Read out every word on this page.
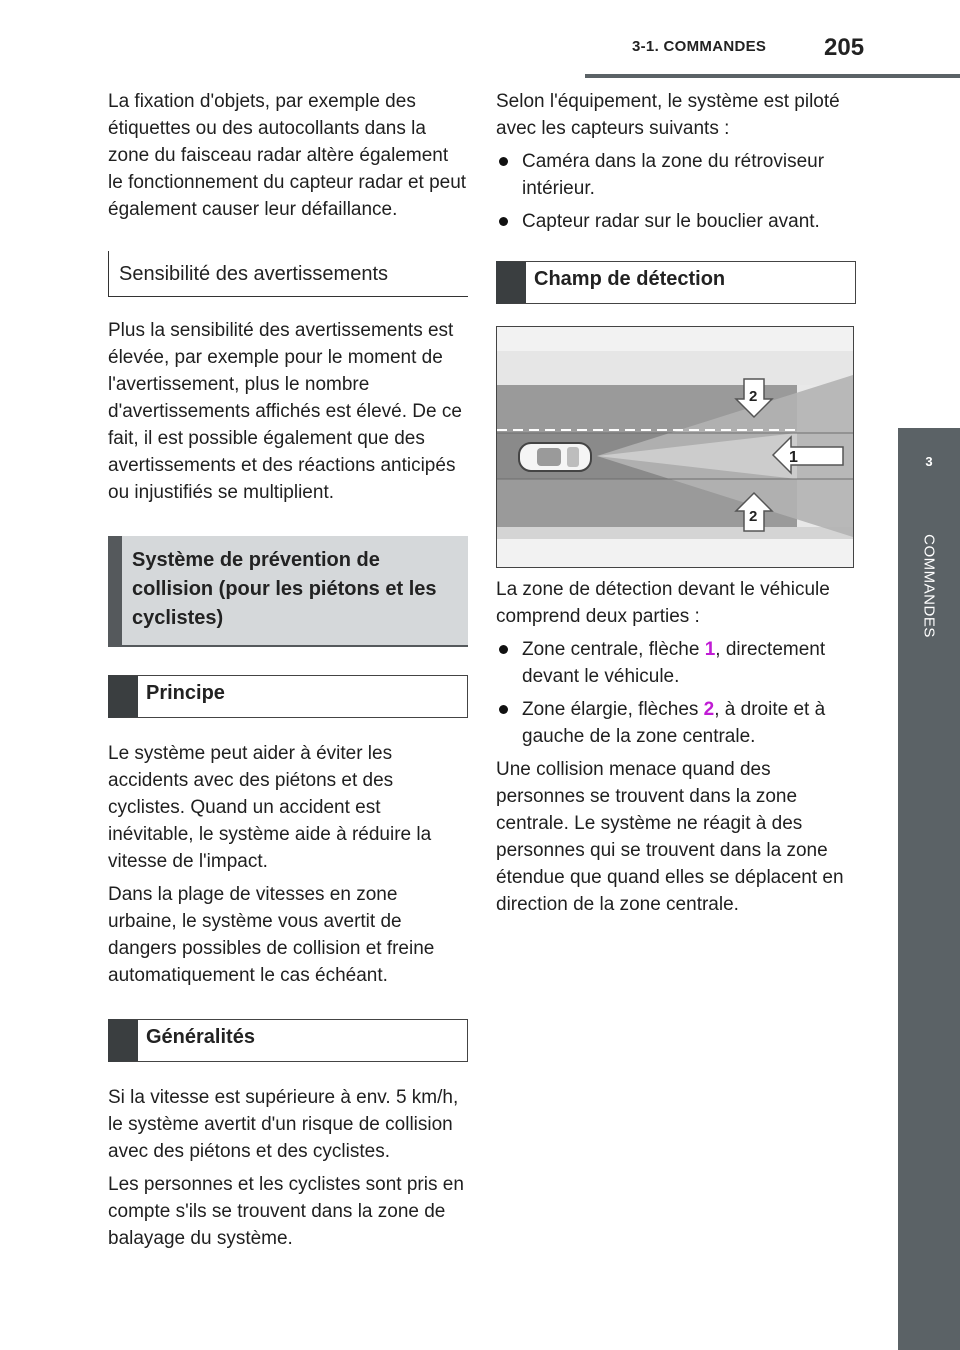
3-1. COMMANDES	205
3
COMMANDES

La fixation d'objets, par exemple des étiquettes ou des autocollants dans la zone du faisceau radar altère également le fonctionnement du capteur radar et peut également causer leur défaillance.

Sensibilité des avertissements

Plus la sensibilité des avertissements est élevée, par exemple pour le moment de l'avertissement, plus le nombre d'avertissements affichés est élevé. De ce fait, il est possible également que des avertissements et des réactions anticipés ou injustifiés se multiplient.

Système de prévention de collision (pour les piétons et les cyclistes)
Principe

Le système peut aider à éviter les accidents avec des piétons et des cyclistes. Quand un accident est inévitable, le système aide à réduire la vitesse de l'impact.

Dans la plage de vitesses en zone urbaine, le système vous avertit de dangers possibles de collision et freine automatiquement le cas échéant.

Généralités

Si la vitesse est supérieure à env. 5 km/h, le système avertit d'un risque de collision avec des piétons et des cyclistes.

Les personnes et les cyclistes sont pris en compte s'ils se trouvent dans la zone de balayage du système.

Selon l'équipement, le système est piloté avec les capteurs suivants :

Caméra dans la zone du rétroviseur intérieur.
Capteur radar sur le bouclier avant.
Champ de détection
1
2
2

La zone de détection devant le véhicule comprend deux parties :

Zone centrale, flèche 1, directement devant le véhicule.
Zone élargie, flèches 2, à droite et à gauche de la zone centrale.

Une collision menace quand des personnes se trouvent dans la zone centrale. Le système ne réagit à des personnes qui se trouvent dans la zone étendue que quand elles se déplacent en direction de la zone centrale.
